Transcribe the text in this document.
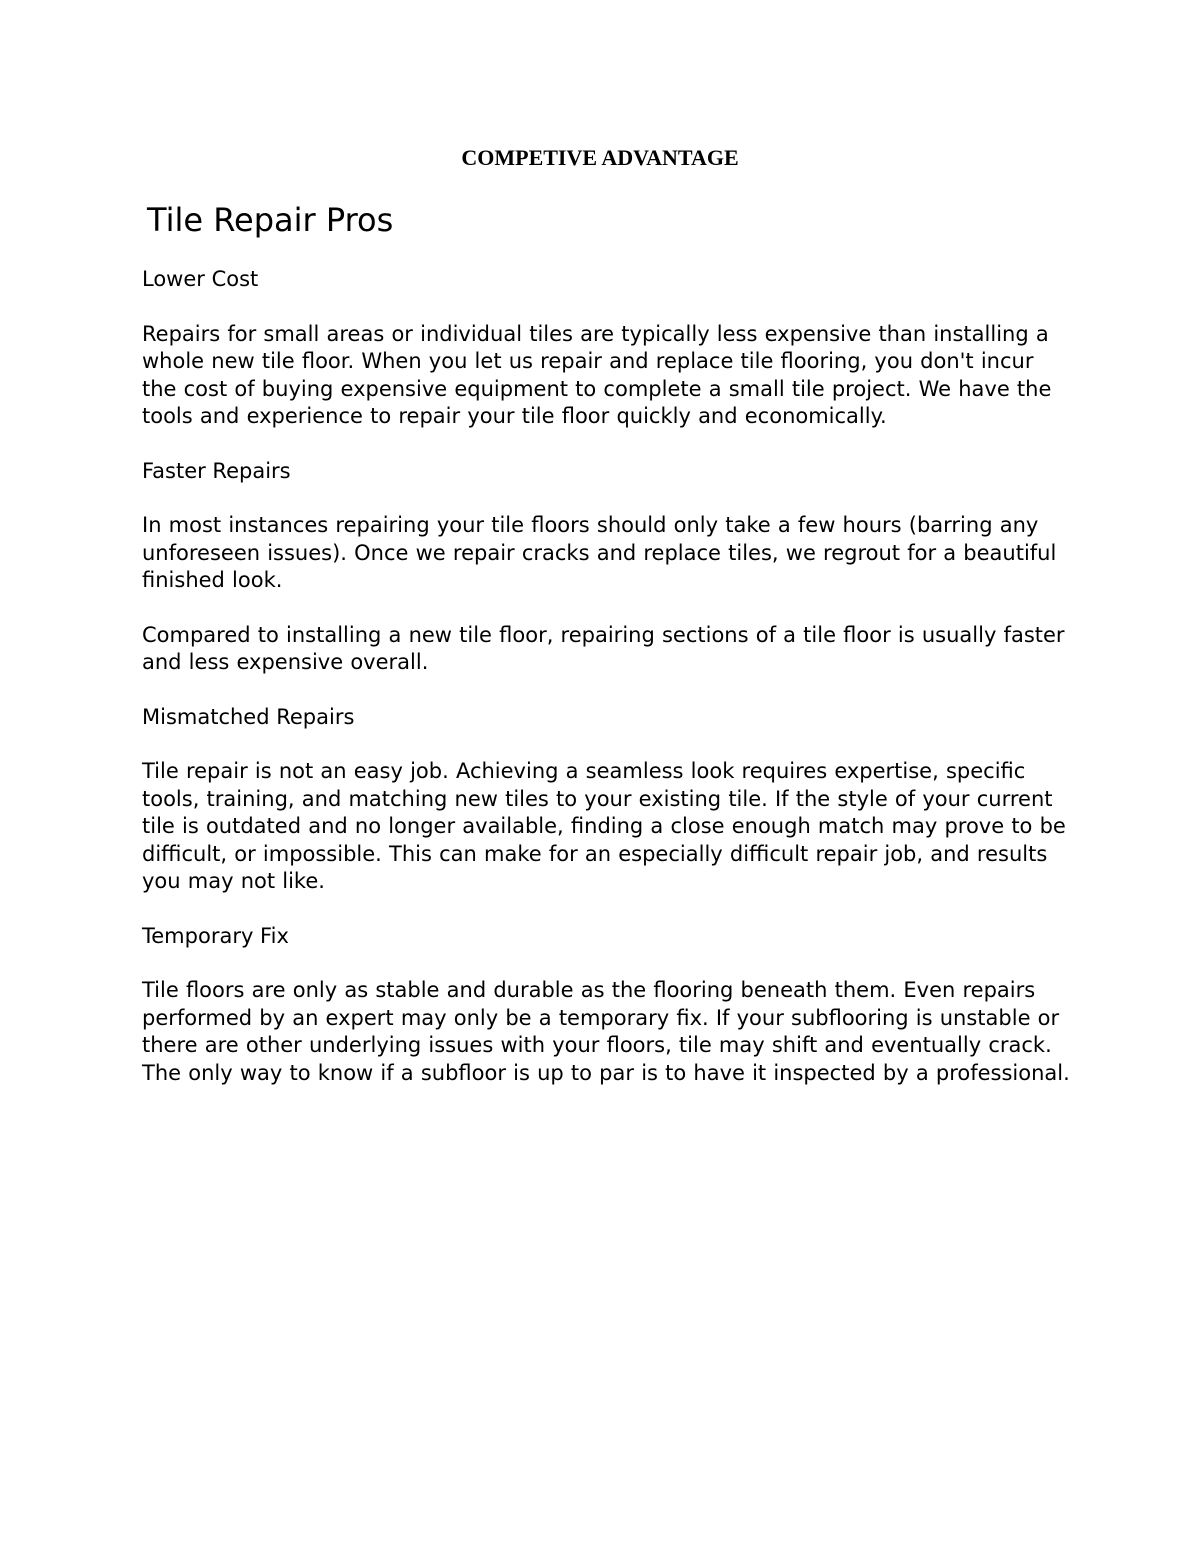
COMPETIVE ADVANTAGE
Tile Repair Pros
Lower Cost

Repairs for small areas or individual tiles are typically less expensive than installing a whole new tile floor. When you let us repair and replace tile flooring, you don't incur the cost of buying expensive equipment to complete a small tile project. We have the tools and experience to repair your tile floor quickly and economically.

Faster Repairs

In most instances repairing your tile floors should only take a few hours (barring any unforeseen issues). Once we repair cracks and replace tiles, we regrout for a beautiful finished look.

Compared to installing a new tile floor, repairing sections of a tile floor is usually faster and less expensive overall.

Mismatched Repairs

Tile repair is not an easy job. Achieving a seamless look requires expertise, specific tools, training, and matching new tiles to your existing tile. If the style of your current tile is outdated and no longer available, finding a close enough match may prove to be difficult, or impossible. This can make for an especially difficult repair job, and results you may not like.

Temporary Fix

Tile floors are only as stable and durable as the flooring beneath them. Even repairs performed by an expert may only be a temporary fix. If your subflooring is unstable or there are other underlying issues with your floors, tile may shift and eventually crack. The only way to know if a subfloor is up to par is to have it inspected by a professional.
